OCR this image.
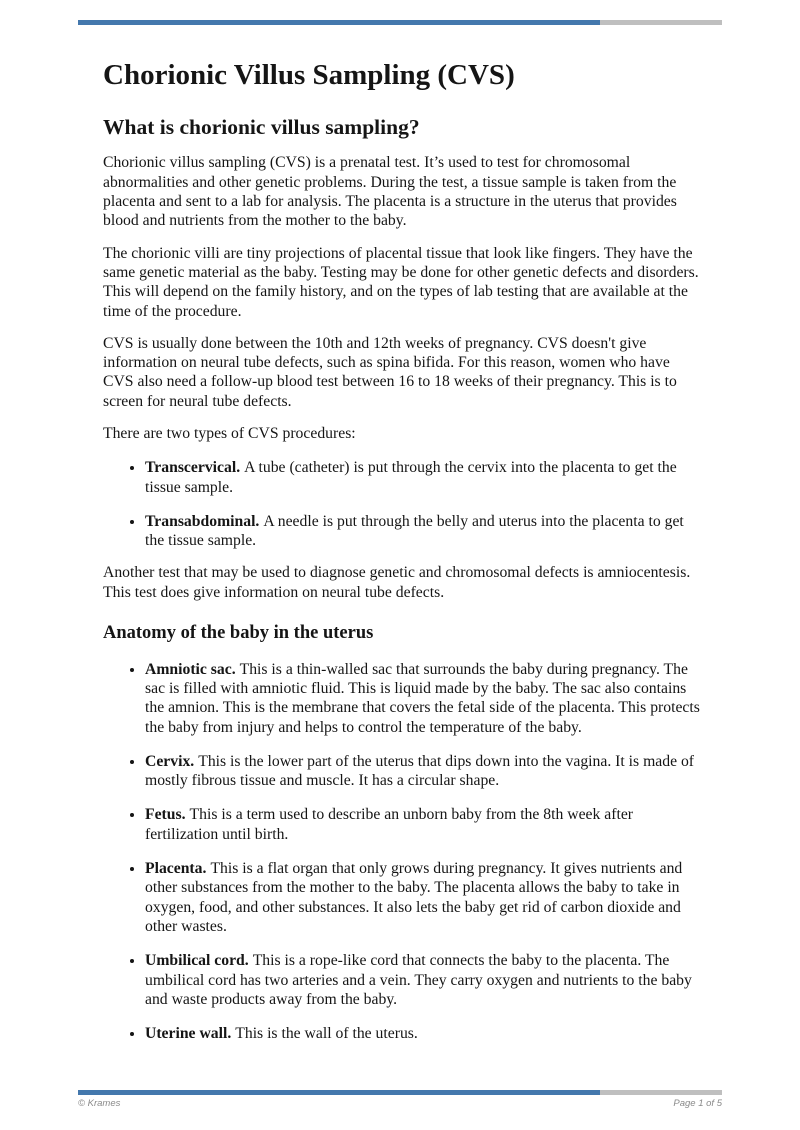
Chorionic Villus Sampling (CVS)
What is chorionic villus sampling?

Chorionic villus sampling (CVS) is a prenatal test. It’s used to test for chromosomal abnormalities and other genetic problems. During the test, a tissue sample is taken from the placenta and sent to a lab for analysis. The placenta is a structure in the uterus that provides blood and nutrients from the mother to the baby.

The chorionic villi are tiny projections of placental tissue that look like fingers. They have the same genetic material as the baby. Testing may be done for other genetic defects and disorders. This will depend on the family history, and on the types of lab testing that are available at the time of the procedure.

CVS is usually done between the 10th and 12th weeks of pregnancy. CVS doesn't give information on neural tube defects, such as spina bifida. For this reason, women who have CVS also need a follow-up blood test between 16 to 18 weeks of their pregnancy. This is to screen for neural tube defects.

There are two types of CVS procedures:

• Transcervical. A tube (catheter) is put through the cervix into the placenta to get the tissue sample.
• Transabdominal. A needle is put through the belly and uterus into the placenta to get the tissue sample.

Another test that may be used to diagnose genetic and chromosomal defects is amniocentesis. This test does give information on neural tube defects.

Anatomy of the baby in the uterus
• Amniotic sac. This is a thin-walled sac that surrounds the baby during pregnancy. The sac is filled with amniotic fluid. This is liquid made by the baby. The sac also contains the amnion. This is the membrane that covers the fetal side of the placenta. This protects the baby from injury and helps to control the temperature of the baby.
• Cervix. This is the lower part of the uterus that dips down into the vagina. It is made of mostly fibrous tissue and muscle. It has a circular shape.
• Fetus. This is a term used to describe an unborn baby from the 8th week after fertilization until birth.
• Placenta. This is a flat organ that only grows during pregnancy. It gives nutrients and other substances from the mother to the baby. The placenta allows the baby to take in oxygen, food, and other substances. It also lets the baby get rid of carbon dioxide and other wastes.
• Umbilical cord. This is a rope-like cord that connects the baby to the placenta. The umbilical cord has two arteries and a vein. They carry oxygen and nutrients to the baby and waste products away from the baby.
• Uterine wall. This is the wall of the uterus.
© Krames	Page 1 of 5
